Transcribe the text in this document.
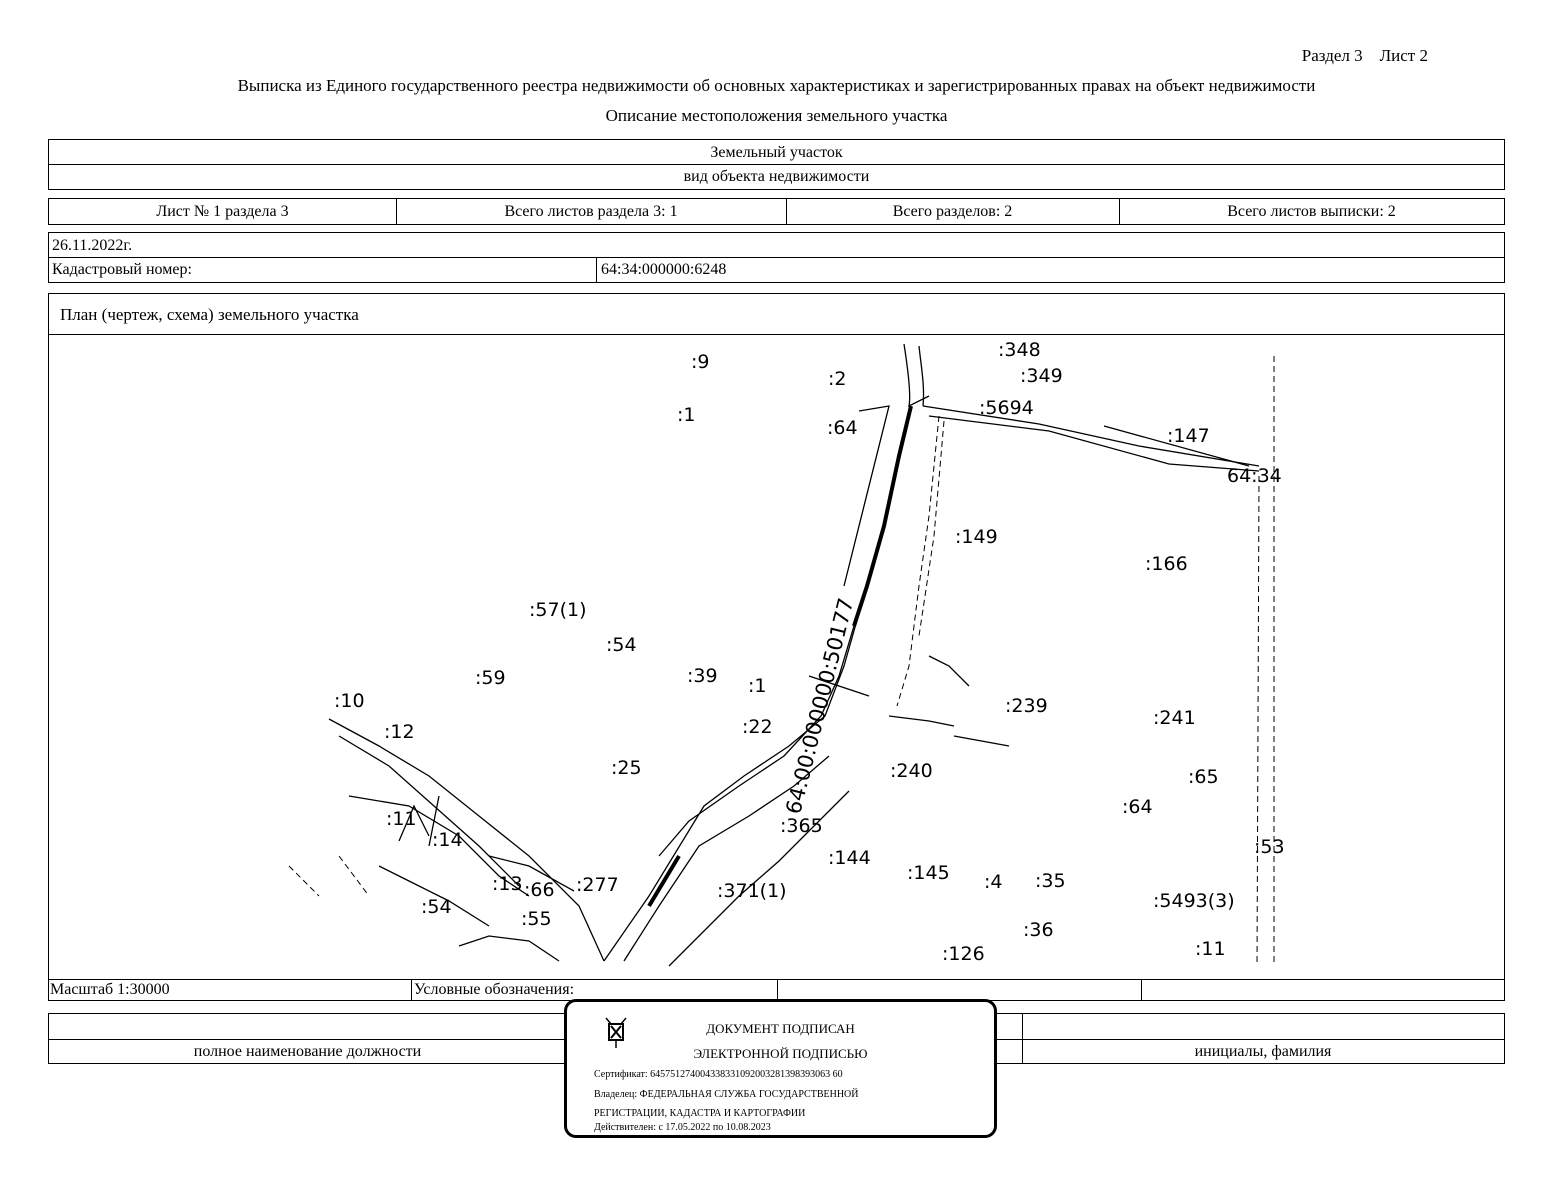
Раздел 3    Лист 2
Выписка из Единого государственного реестра недвижимости об основных характеристиках и зарегистрированных правах на объект недвижимости
Описание местоположения земельного участка
Земельный участок
вид объекта недвижимости
Лист № 1 раздела 3	Всего листов раздела 3: 1	Всего разделов: 2	Всего листов выписки: 2
26.11.2022г.
Кадастровый номер:	64:34:000000:6248
План (чертеж, схема) земельного участка
:9
:2
:348
:349
:5694
:1
:64	:147
64:34
:149
:166
:57(1)
:54
:59	:39 :1
:10
:12	:22
:239
:241
:25	:240	:65
:11
:14
:365
:64
:53
:144
:13 :66 :277	:371(1)
:145 :4 :35
:54
:55
:5493(3)
:36
:126	:11
64:00:000000:50177
Масштаб 1:30000	Условные обозначения:
полное наименование должности	инициалы, фамилия
ДОКУМЕНТ ПОДПИСАН
ЭЛЕКТРОННОЙ ПОДПИСЬЮ
Сертификат: 645751274004338331092003281398393063 60
Владелец: ФЕДЕРАЛЬНАЯ СЛУЖБА ГОСУДАРСТВЕННОЙ
РЕГИСТРАЦИИ, КАДАСТРА И КАРТОГРАФИИ
Действителен: с 17.05.2022 по 10.08.2023
